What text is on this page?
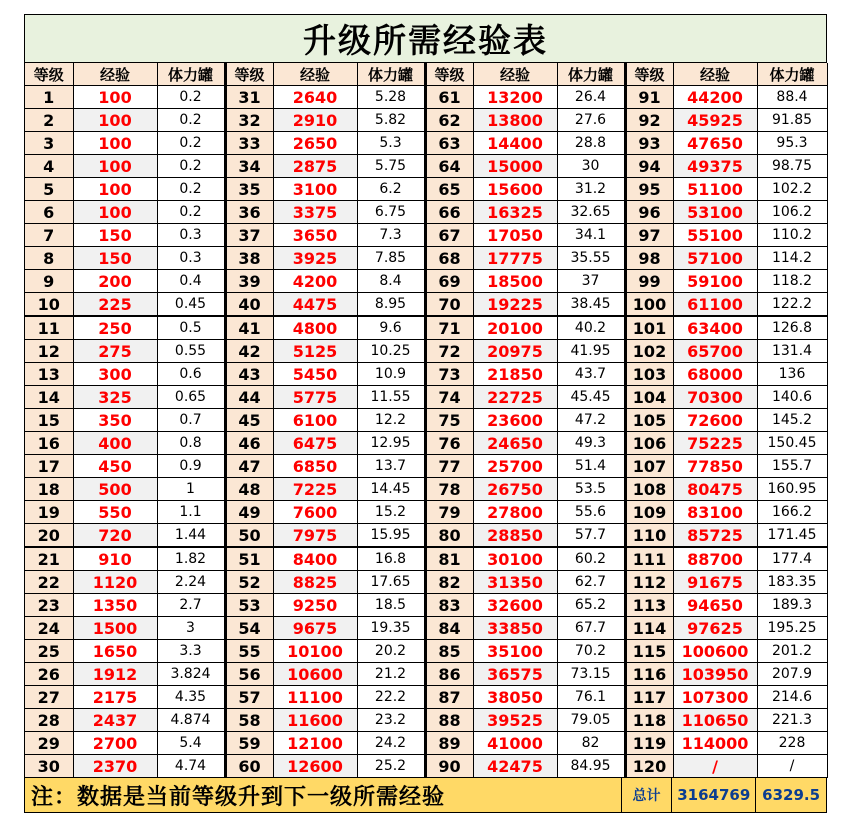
升级所需经验表
等级	经验	体力罐	等级	经验	体力罐	等级	经验	体力罐	等级	经验	体力罐
1	100	0.2	31	2640	5.28	61	13200	26.4	91	44200	88.4
2	100	0.2	32	2910	5.82	62	13800	27.6	92	45925	91.85
3	100	0.2	33	2650	5.3	63	14400	28.8	93	47650	95.3
4	100	0.2	34	2875	5.75	64	15000	30	94	49375	98.75
5	100	0.2	35	3100	6.2	65	15600	31.2	95	51100	102.2
6	100	0.2	36	3375	6.75	66	16325	32.65	96	53100	106.2
7	150	0.3	37	3650	7.3	67	17050	34.1	97	55100	110.2
8	150	0.3	38	3925	7.85	68	17775	35.55	98	57100	114.2
9	200	0.4	39	4200	8.4	69	18500	37	99	59100	118.2
10	225	0.45	40	4475	8.95	70	19225	38.45	100	61100	122.2
11	250	0.5	41	4800	9.6	71	20100	40.2	101	63400	126.8
12	275	0.55	42	5125	10.25	72	20975	41.95	102	65700	131.4
13	300	0.6	43	5450	10.9	73	21850	43.7	103	68000	136
14	325	0.65	44	5775	11.55	74	22725	45.45	104	70300	140.6
15	350	0.7	45	6100	12.2	75	23600	47.2	105	72600	145.2
16	400	0.8	46	6475	12.95	76	24650	49.3	106	75225	150.45
17	450	0.9	47	6850	13.7	77	25700	51.4	107	77850	155.7
18	500	1	48	7225	14.45	78	26750	53.5	108	80475	160.95
19	550	1.1	49	7600	15.2	79	27800	55.6	109	83100	166.2
20	720	1.44	50	7975	15.95	80	28850	57.7	110	85725	171.45
21	910	1.82	51	8400	16.8	81	30100	60.2	111	88700	177.4
22	1120	2.24	52	8825	17.65	82	31350	62.7	112	91675	183.35
23	1350	2.7	53	9250	18.5	83	32600	65.2	113	94650	189.3
24	1500	3	54	9675	19.35	84	33850	67.7	114	97625	195.25
25	1650	3.3	55	10100	20.2	85	35100	70.2	115	100600	201.2
26	1912	3.824	56	10600	21.2	86	36575	73.15	116	103950	207.9
27	2175	4.35	57	11100	22.2	87	38050	76.1	117	107300	214.6
28	2437	4.874	58	11600	23.2	88	39525	79.05	118	110650	221.3
29	2700	5.4	59	12100	24.2	89	41000	82	119	114000	228
30	2370	4.74	60	12600	25.2	90	42475	84.95	120	/	/
注：数据是当前等级升到下一级所需经验	总计	3164769 6329.5
